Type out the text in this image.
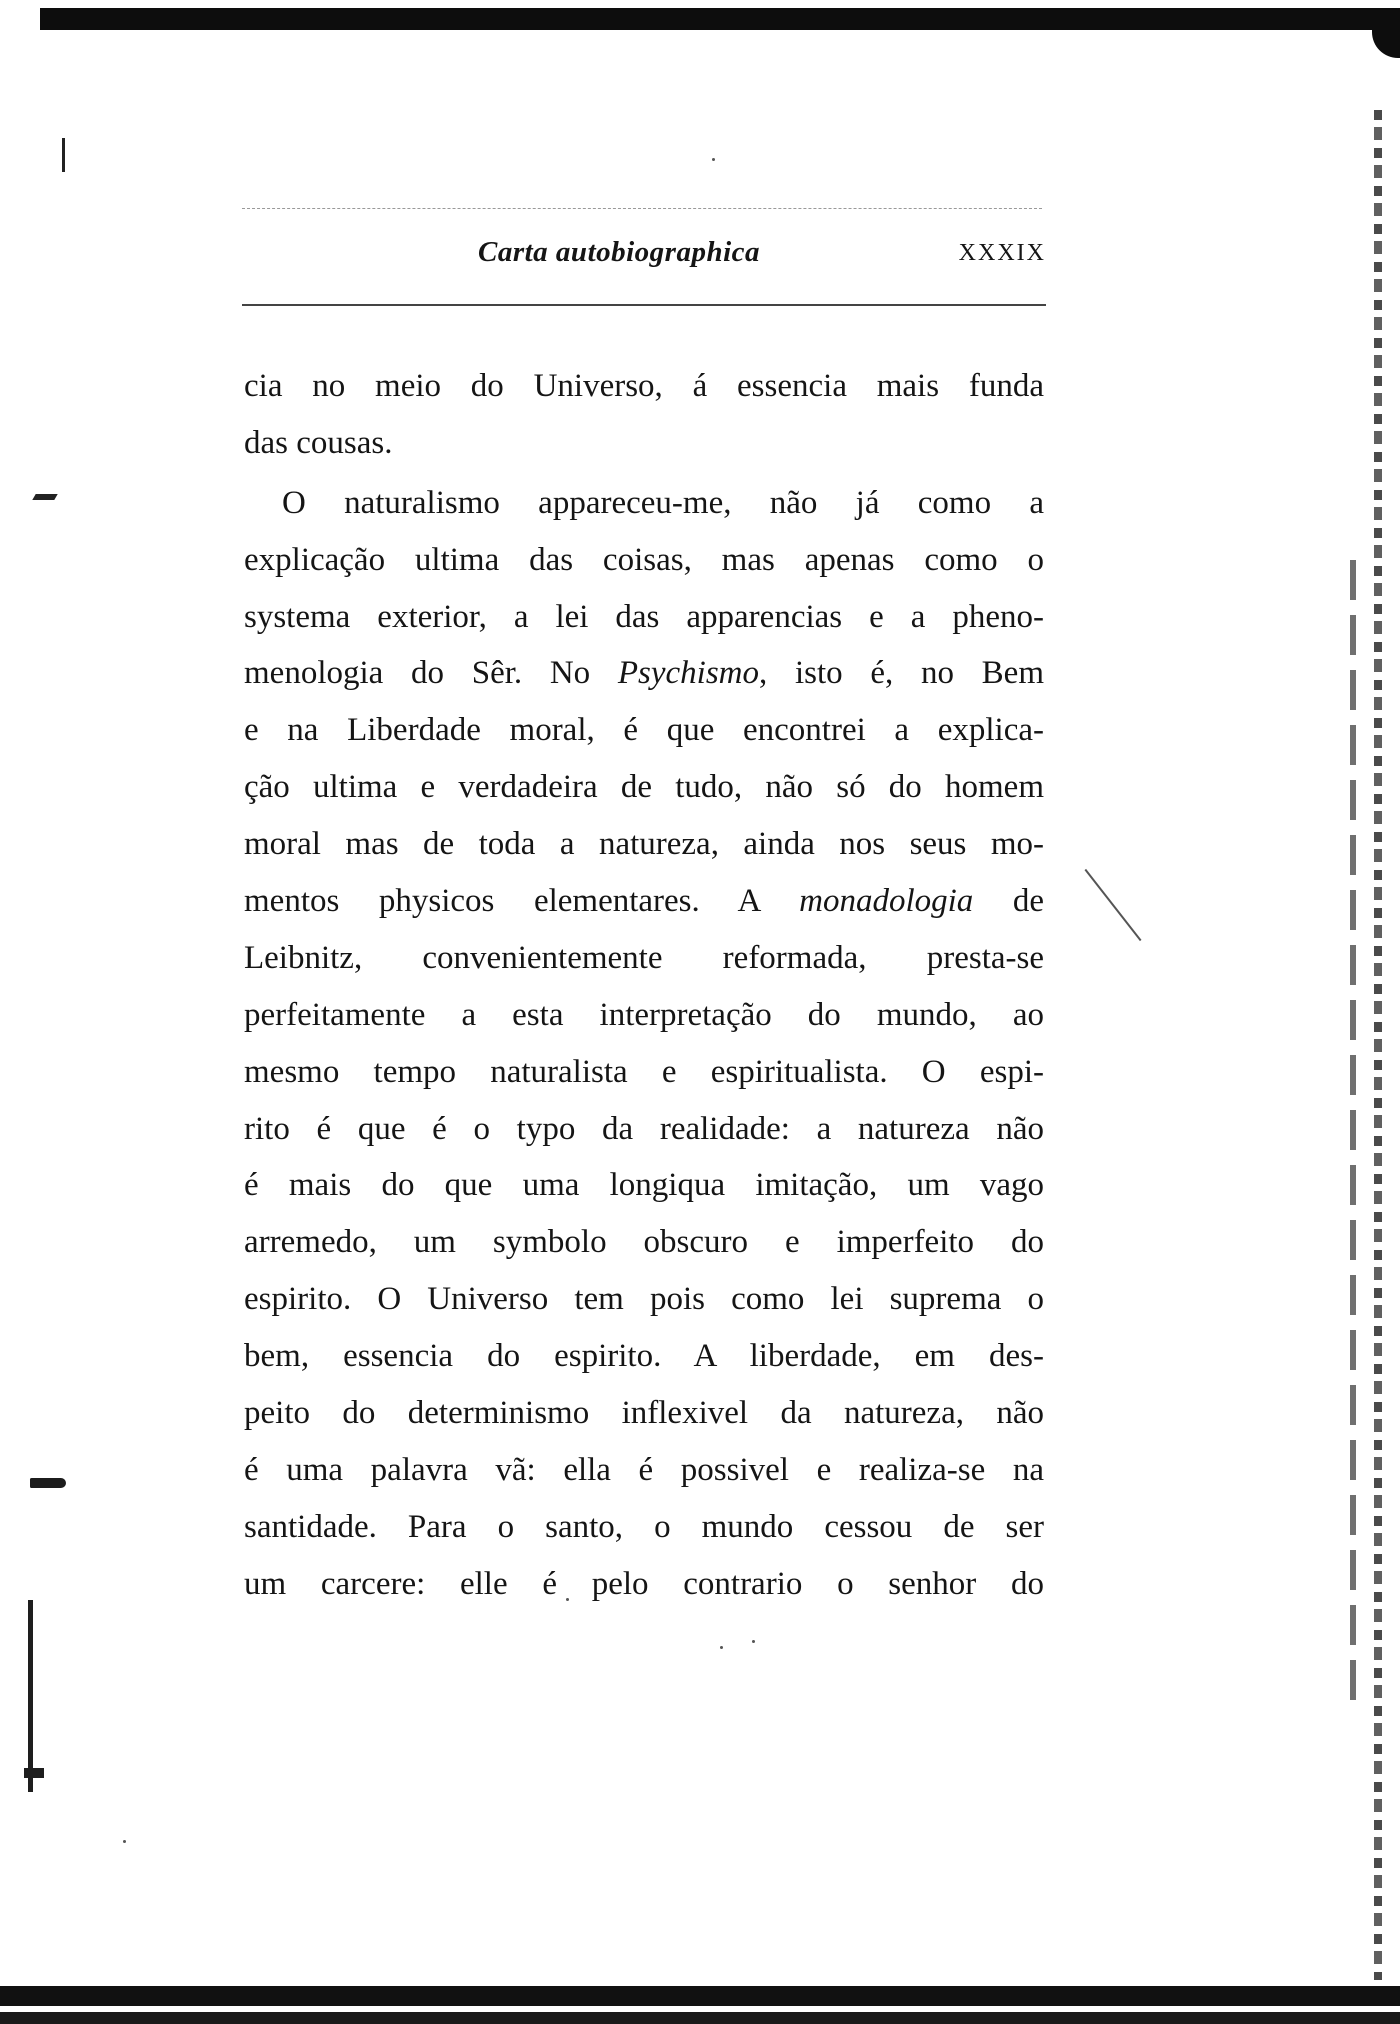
Carta autobiographica	XXXIX
cia no meio do Universo, á essencia mais funda
das cousas.
O naturalismo appareceu-me, não já como a
explicação ultima das coisas, mas apenas como o
systema exterior, a lei das apparencias e a pheno-
menologia do Sêr. No Psychismo, isto é, no Bem
e na Liberdade moral, é que encontrei a explica-
ção ultima e verdadeira de tudo, não só do homem
moral mas de toda a natureza, ainda nos seus mo-
mentos physicos elementares. A monadologia de
Leibnitz, convenientemente reformada, presta-se
perfeitamente a esta interpretação do mundo, ao
mesmo tempo naturalista e espiritualista. O espi-
rito é que é o typo da realidade: a natureza não
é mais do que uma longiqua imitação, um vago
arremedo, um symbolo obscuro e imperfeito do
espirito. O Universo tem pois como lei suprema o
bem, essencia do espirito. A liberdade, em des-
peito do determinismo inflexivel da natureza, não
é uma palavra vã: ella é possivel e realiza-se na
santidade. Para o santo, o mundo cessou de ser
um carcere: elle é pelo contrario o senhor do
